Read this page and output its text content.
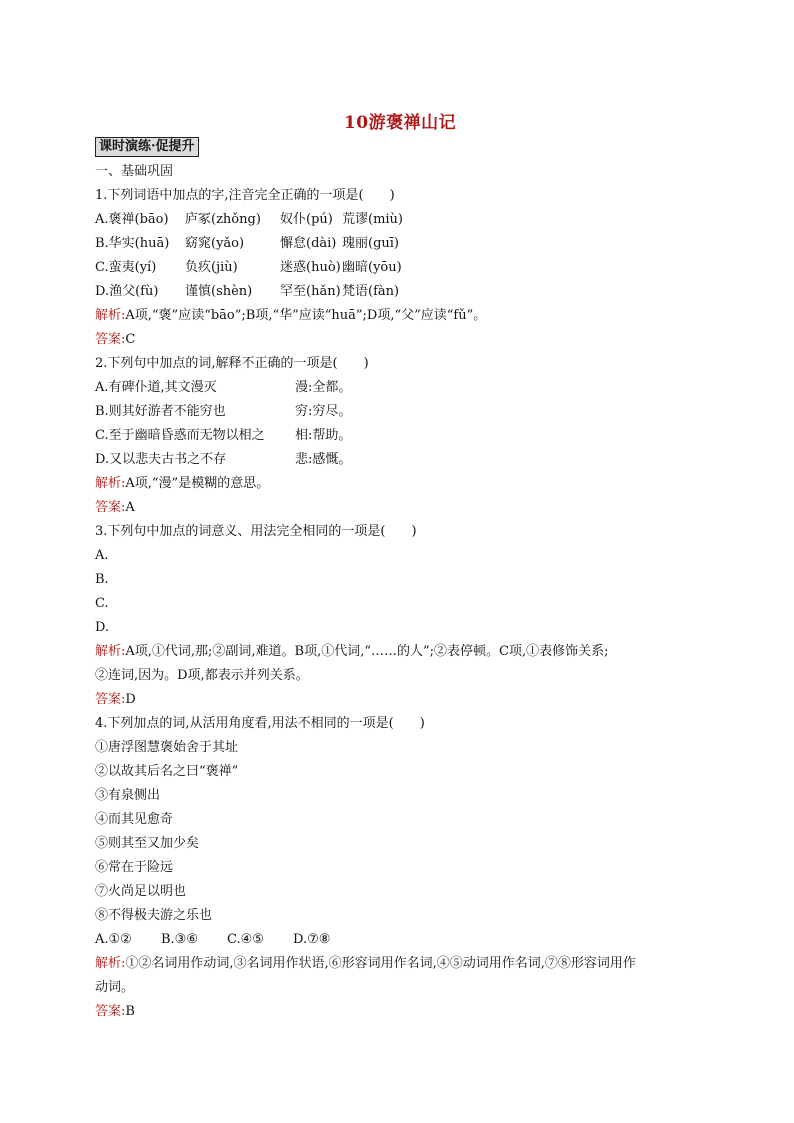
10游褒禅山记
课时演练·促提升
一、基础巩固
1.下列词语中加点的字,注音完全正确的一项是(　　)
A.褒禅(bāo) 庐冢(zhǒng) 奴仆(pú) 荒谬(miù)
B.华实(huā) 窈窕(yǎo)	懈怠(dài) 瑰丽(guī)
C.蛮夷(yí) 负疚(jiù)	迷惑(huò)幽暗(yōu)
D.渔父(fù) 谨慎(shèn) 罕至(hǎn)梵语(fàn)
解析:A项,“褒”应读“bāo”;B项,“华”应读“huā”;D项,“父”应读“fǔ”。
答案:C
2.下列句中加点的词,解释不正确的一项是(　　)
A.有碑仆道,其文漫灭	漫:全都。
B.则其好游者不能穷也	穷:穷尽。
C.至于幽暗昏惑而无物以相之 相:帮助。
D.又以悲夫古书之不存	悲:感慨。
解析:A项,“漫”是模糊的意思。
答案:A
3.下列句中加点的词意义、用法完全相同的一项是(　　)
A.
B.
C.
D.
解析:A项,①代词,那;②副词,难道。B项,①代词,“……的人”;②表停顿。C项,①表修饰关系;
②连词,因为。D项,都表示并列关系。
答案:D
4.下列加点的词,从活用角度看,用法不相同的一项是(　　)
①唐浮图慧褒始舍于其址
②以故其后名之曰“褒禅”
③有泉侧出
④而其见愈奇
⑤则其至又加少矣
⑥常在于险远
⑦火尚足以明也
⑧不得极夫游之乐也
A.①② B.③⑥ C.④⑤ D.⑦⑧
解析:①②名词用作动词,③名词用作状语,⑥形容词用作名词,④⑤动词用作名词,⑦⑧形容词用作
动词。
答案:B
